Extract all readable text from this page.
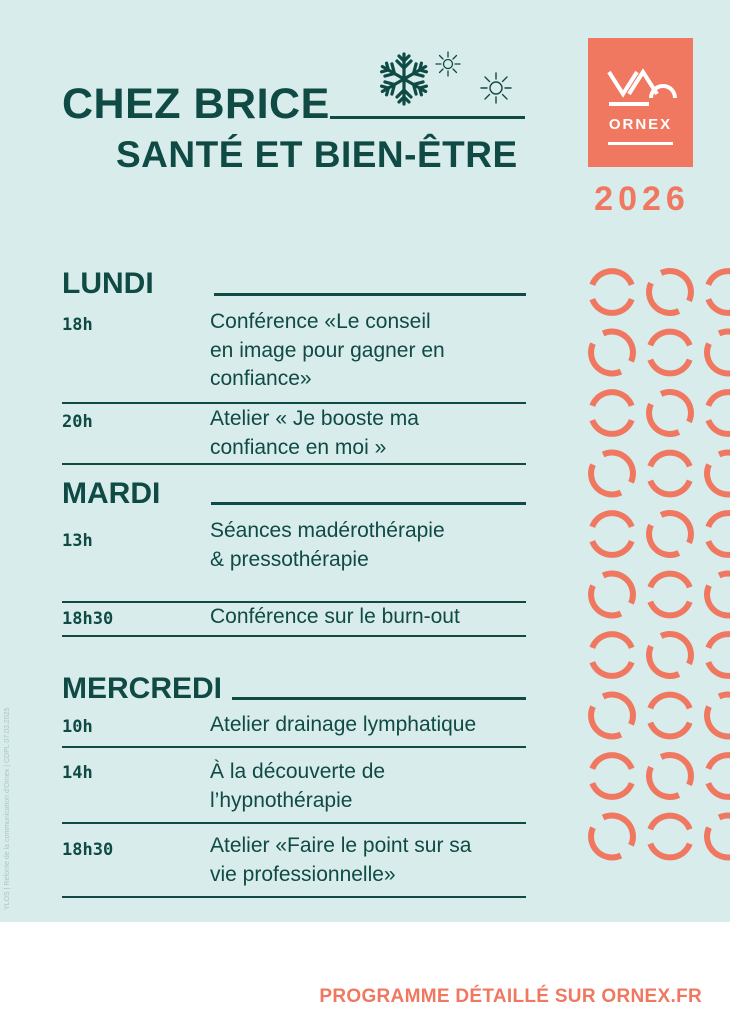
CHEZ BRICE
SANTÉ ET BIEN-ÊTRE
ORNEX
2026
LUNDI
18h	Conférence «Le conseil
en image pour gagner en
confiance»
20h	Atelier « Je booste ma
confiance en moi »
MARDI
13h	Séances madérothérapie
& pressothérapie
18h30	Conférence sur le burn-out
MERCREDI
10h	Atelier drainage lymphatique
14h	À la découverte de
l’hypnothérapie
18h30	Atelier «Faire le point sur sa
vie professionnelle»
YLOS | Refonte de la communication d'Ornex | CDPL 07.03.2025
PROGRAMME DÉTAILLÉ SUR ORNEX.FR
